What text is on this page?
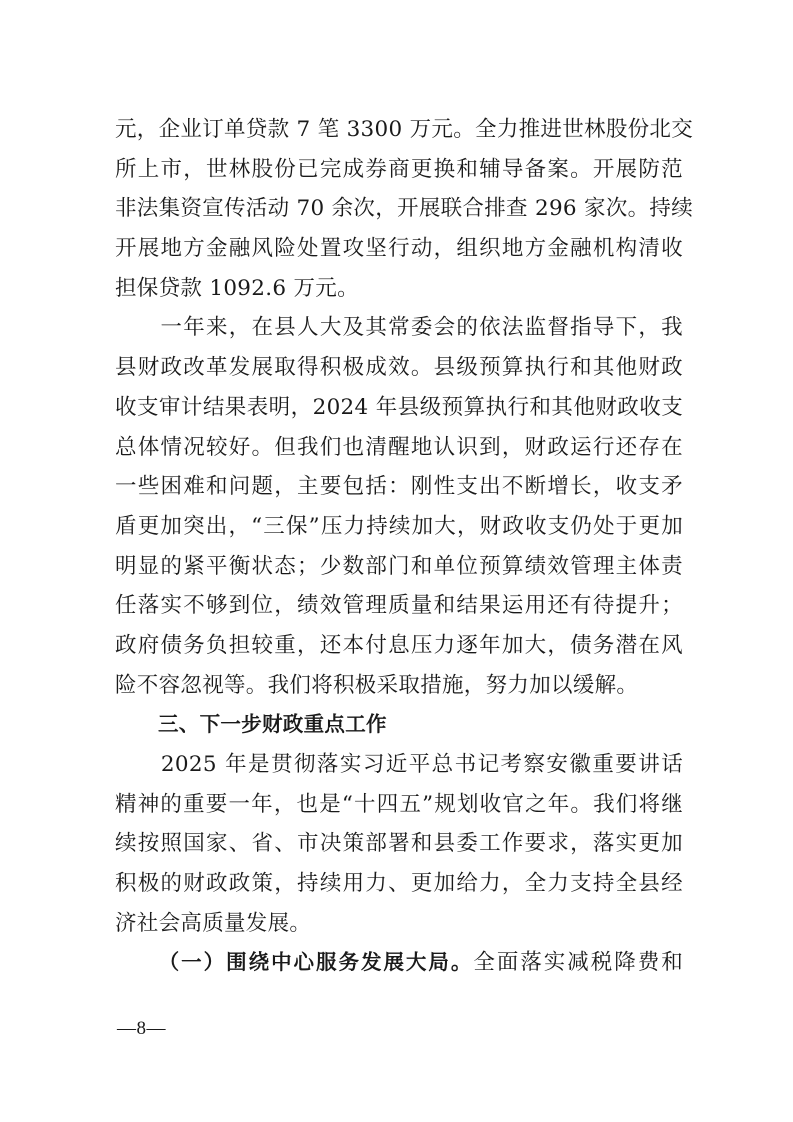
元，企业订单贷款 7 笔 3300 万元。全力推进世林股份北交
所上市，世林股份已完成券商更换和辅导备案。开展防范
非法集资宣传活动 70 余次，开展联合排查 296 家次。持续
开展地方金融风险处置攻坚行动，组织地方金融机构清收
担保贷款 1092.6 万元。
　　一年来，在县人大及其常委会的依法监督指导下，我
县财政改革发展取得积极成效。县级预算执行和其他财政
收支审计结果表明，2024 年县级预算执行和其他财政收支
总体情况较好。但我们也清醒地认识到，财政运行还存在
一些困难和问题，主要包括：刚性支出不断增长，收支矛
盾更加突出，“三保”压力持续加大，财政收支仍处于更加
明显的紧平衡状态；少数部门和单位预算绩效管理主体责
任落实不够到位，绩效管理质量和结果运用还有待提升；
政府债务负担较重，还本付息压力逐年加大，债务潜在风
险不容忽视等。我们将积极采取措施，努力加以缓解。
三、下一步财政重点工作
　　2025 年是贯彻落实习近平总书记考察安徽重要讲话
精神的重要一年，也是“十四五”规划收官之年。我们将继
续按照国家、省、市决策部署和县委工作要求，落实更加
积极的财政政策，持续用力、更加给力，全力支持全县经
济社会高质量发展。
（一）围绕中心服务发展大局。全面落实减税降费和
—8—
